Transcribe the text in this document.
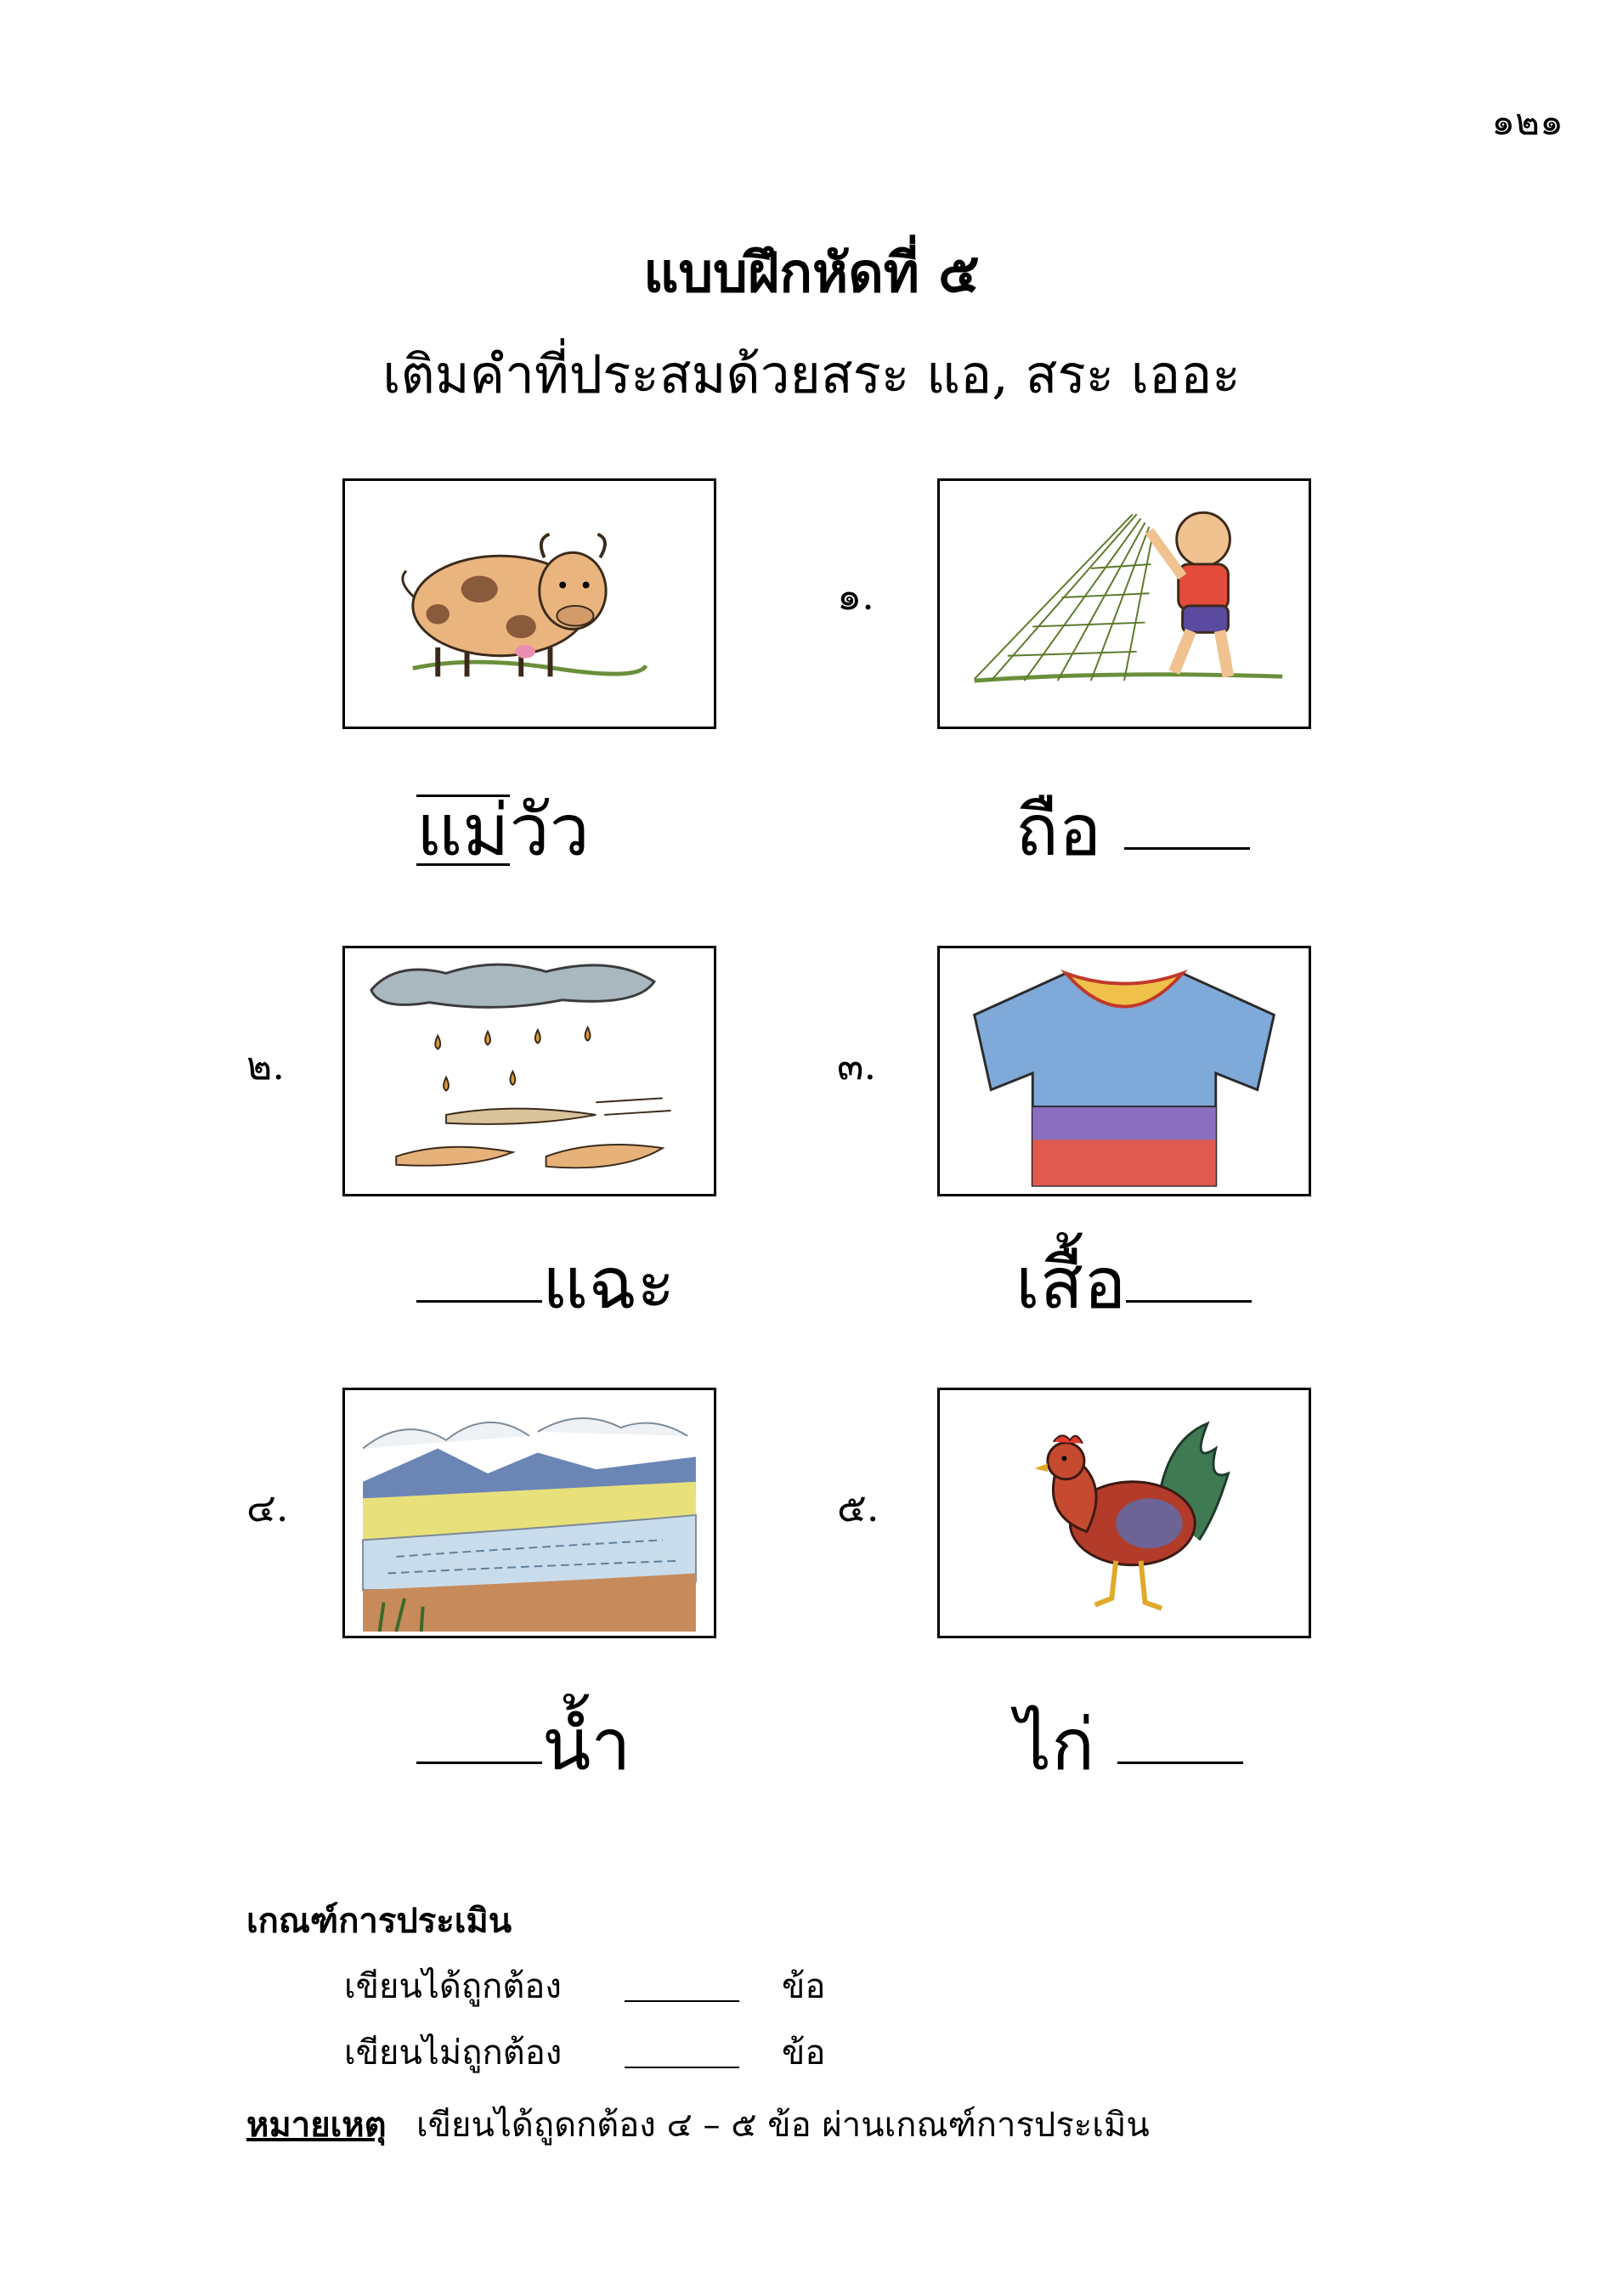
๑๒๑
แบบฝึกหัดที่ ๕
เติมคำที่ประสมด้วยสระ แอ, สระ เออะ
๑.
แม่วัว	ถือ
๒.	๓.
แฉะ	เสื้อ
๔.	๕.
น้ำ	ไก่
เกณฑ์การประเมิน
เขียนได้ถูกต้อง	ข้อ
เขียนไม่ถูกต้อง	ข้อ
หมายเหตุ เขียนได้ถูดกต้อง ๔ – ๕ ข้อ ผ่านเกณฑ์การประเมิน
